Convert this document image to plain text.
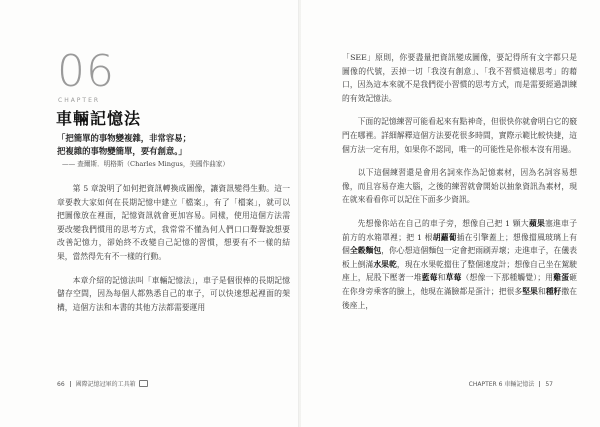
06
CHAPTER
車輛記憶法
「把簡單的事物變複雜，非常容易；
把複雜的事物變簡單，要有創意。」
—— 查爾斯．明格斯（Charles Mingus，美國作曲家）

第 5 章說明了如何把資訊轉換成圖像，讓資訊變得生動。這一章要教大家如何在長期記憶中建立「檔案」，有了「檔案」，就可以把圖像放在裡面，記憶資訊就會更加容易。同樣，使用這個方法需要改變我們慣用的思考方式，我常常不懂為何人們口口聲聲說想要改善記憶力，卻始終不改變自己記憶的習慣，想要有不一樣的結果，當然得先有不一樣的行動。

本章介紹的記憶法叫「車輛記憶法」，車子是個很棒的長期記憶儲存空間，因為每個人都熟悉自己的車子，可以快速想起裡面的架構，這個方法和本書的其他方法都需要運用

66 國際記憶冠軍的工具箱

「SEE」原則，你要盡量把資訊變成圖像，要記得所有文字都只是圖像的代號，丟掉一切「我沒有創意」、「我不習慣這樣思考」的藉口，因為這本來就不是我們從小習慣的思考方式，而是需要經過訓練的有效記憶法。

下面的記憶練習可能看起來有點神奇，但很快你就會明白它的竅門在哪裡。詳細解釋這個方法要花很多時間，實際示範比較快捷，這個方法一定有用，如果你不認同，唯一的可能性是你根本沒有用過。

以下這個練習還是會用名詞來作為記憶素材，因為名詞容易想像，而且容易存進大腦，之後的練習就會開始以抽象資訊為素材，現在就來看看你可以記住下面多少資訊。

先想像你站在自己的車子旁，想像自己把 1 顆大蘋果塞進車子前方的水箱罩裡；把 1 根胡蘿蔔插在引擎蓋上；想像擋風玻璃上有個全穀麵包，你心想這個麵包一定會把雨刷弄壞；走進車子，在儀表板上倒滿水果乾，現在水果乾擋住了整個速度計；想像自己坐在駕駛座上，屁股下壓著一堆藍莓和草莓（想像一下那種觸覺）；用雞蛋砸在你身旁乘客的臉上，他現在滿臉都是蛋汁；把很多堅果和種籽撒在後座上，

CHAPTER 6 車輛記憶法 57
